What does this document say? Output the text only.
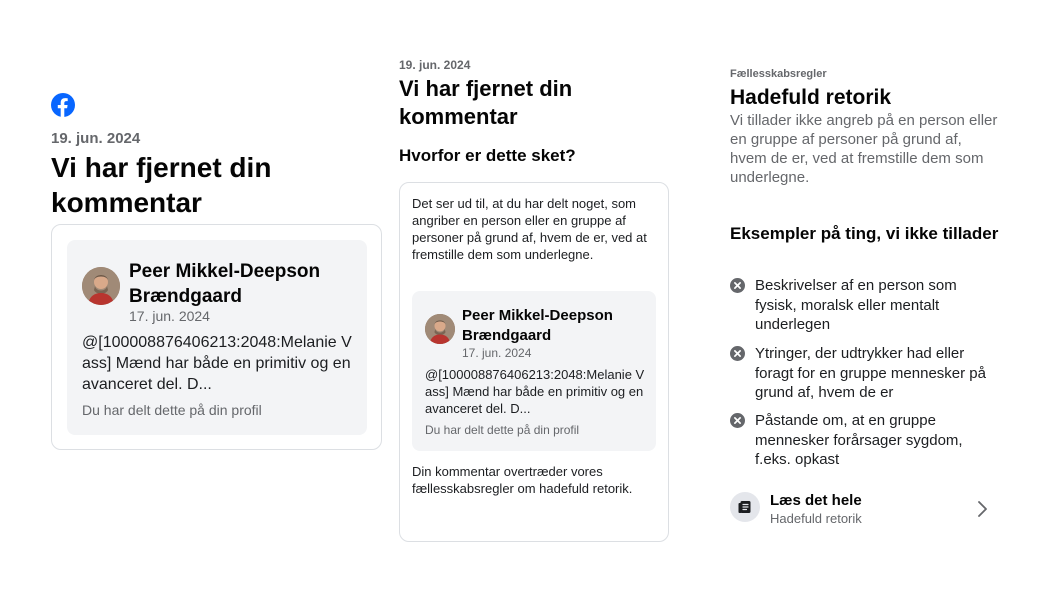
19. jun. 2024
Vi har fjernet din kommentar
Peer Mikkel-Deepson Brændgaard
17. jun. 2024
@[100008876406213:2048:Melanie Vass] Mænd har både en primitiv og en avanceret del. D...
Du har delt dette på din profil
19. jun. 2024
Vi har fjernet din kommentar
Hvorfor er dette sket?
Det ser ud til, at du har delt noget, som angriber en person eller en gruppe af personer på grund af, hvem de er, ved at fremstille dem som underlegne.
Peer Mikkel-Deepson Brændgaard
17. jun. 2024
@[100008876406213:2048:Melanie Vass] Mænd har både en primitiv og en avanceret del. D...
Du har delt dette på din profil
Din kommentar overtræder vores fællesskabsregler om hadefuld retorik.
Fællesskabsregler
Hadefuld retorik
Vi tillader ikke angreb på en person eller en gruppe af personer på grund af, hvem de er, ved at fremstille dem som underlegne.
Eksempler på ting, vi ikke tillader
Beskrivelser af en person som fysisk, moralsk eller mentalt underlegen
Ytringer, der udtrykker had eller foragt for en gruppe mennesker på grund af, hvem de er
Påstande om, at en gruppe mennesker forårsager sygdom, f.eks. opkast
Læs det hele
Hadefuld retorik
